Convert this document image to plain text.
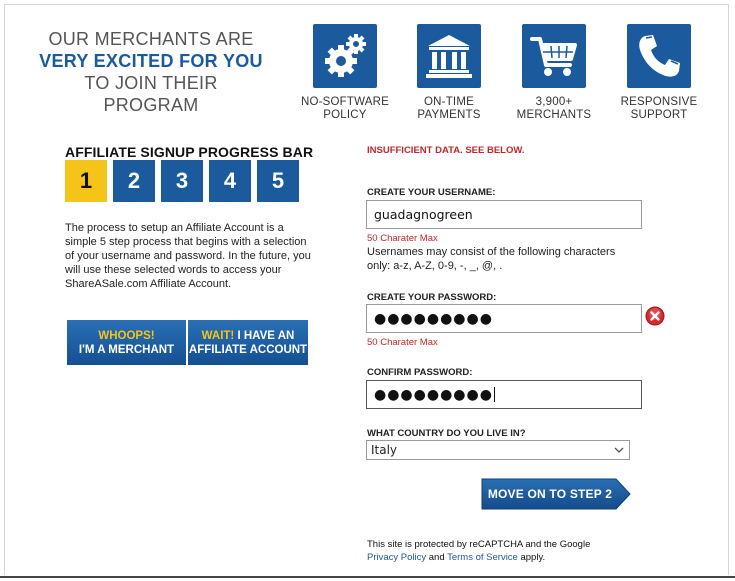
OUR MERCHANTS ARE
VERY EXCITED FOR YOU
TO JOIN THEIR PROGRAM	NO-SOFTWARE
POLICY
ON-TIME
PAYMENTS
3,900+
MERCHANTS
RESPONSIVE
SUPPORT
AFFILIATE SIGNUP PROGRESS BAR
1	2	3	4	5
The process to setup an Affiliate Account is a simple 5 step process that begins with a selection of your username and password. In the future, you will use these selected words to access your ShareASale.com Affiliate Account.
WHOOPS!
I'M A MERCHANT
WAIT! I HAVE AN
AFFILIATE ACCOUNT
INSUFFICIENT DATA. SEE BELOW.
CREATE YOUR USERNAME:
guadagnogreen
50 Charater Max
Usernames may consist of the following characters only: a-z, A-Z, 0-9, -, _, @, .
CREATE YOUR PASSWORD:
●●●●●●●●●
50 Charater Max
CONFIRM PASSWORD:
●●●●●●●●●
WHAT COUNTRY DO YOU LIVE IN?
Italy
MOVE ON TO STEP 2
This site is protected by reCAPTCHA and the Google
Privacy Policy and Terms of Service apply.
